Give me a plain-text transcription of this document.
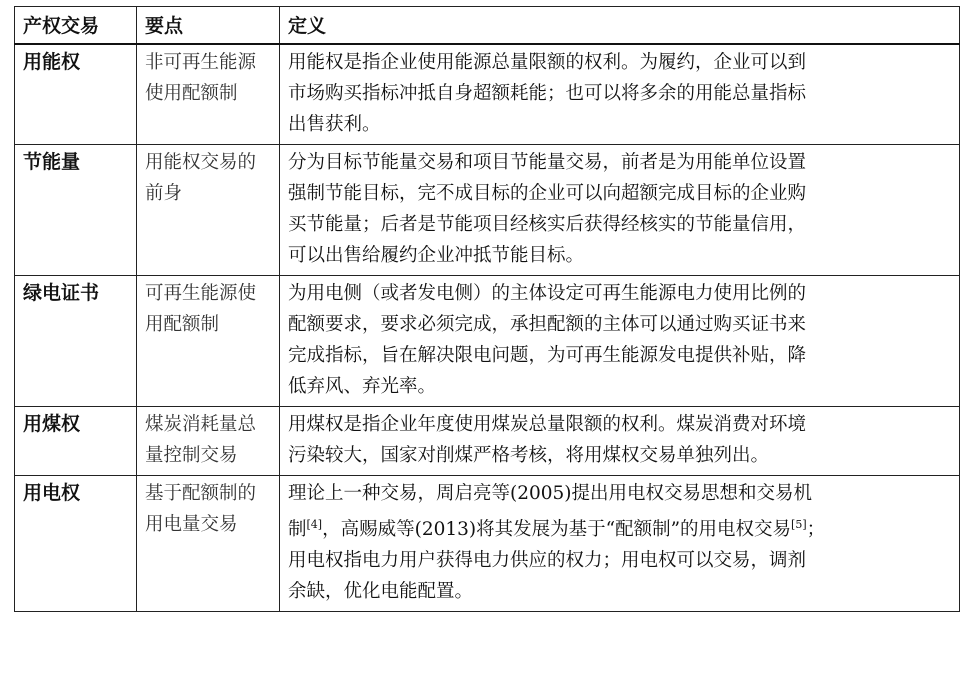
产权交易	要点	定义
用能权	非可再生能源使用配额制	用能权是指企业使用能源总量限额的权利。为履约，企业可以到
市场购买指标冲抵自身超额耗能；也可以将多余的用能总量指标
出售获利。

节能量	用能权交易的前身	分为目标节能量交易和项目节能量交易，前者是为用能单位设置
强制节能目标，完不成目标的企业可以向超额完成目标的企业购
买节能量；后者是节能项目经核实后获得经核实的节能量信用，
可以出售给履约企业冲抵节能目标。

绿电证书	可再生能源使用配额制	为用电侧（或者发电侧）的主体设定可再生能源电力使用比例的
配额要求，要求必须完成，承担配额的主体可以通过购买证书来
完成指标，旨在解决限电问题，为可再生能源发电提供补贴，降
低弃风、弃光率。

用煤权	煤炭消耗量总量控制交易	用煤权是指企业年度使用煤炭总量限额的权利。煤炭消费对环境
污染较大，国家对削煤严格考核，将用煤权交易单独列出。

用电权	基于配额制的用电量交易	理论上一种交易，周启亮等(2005)提出用电权交易思想和交易机
制[4]，高赐威等(2013)将其发展为基于“配额制”的用电权交易[5]；
用电权指电力用户获得电力供应的权力；用电权可以交易，调剂
余缺，优化电能配置。
